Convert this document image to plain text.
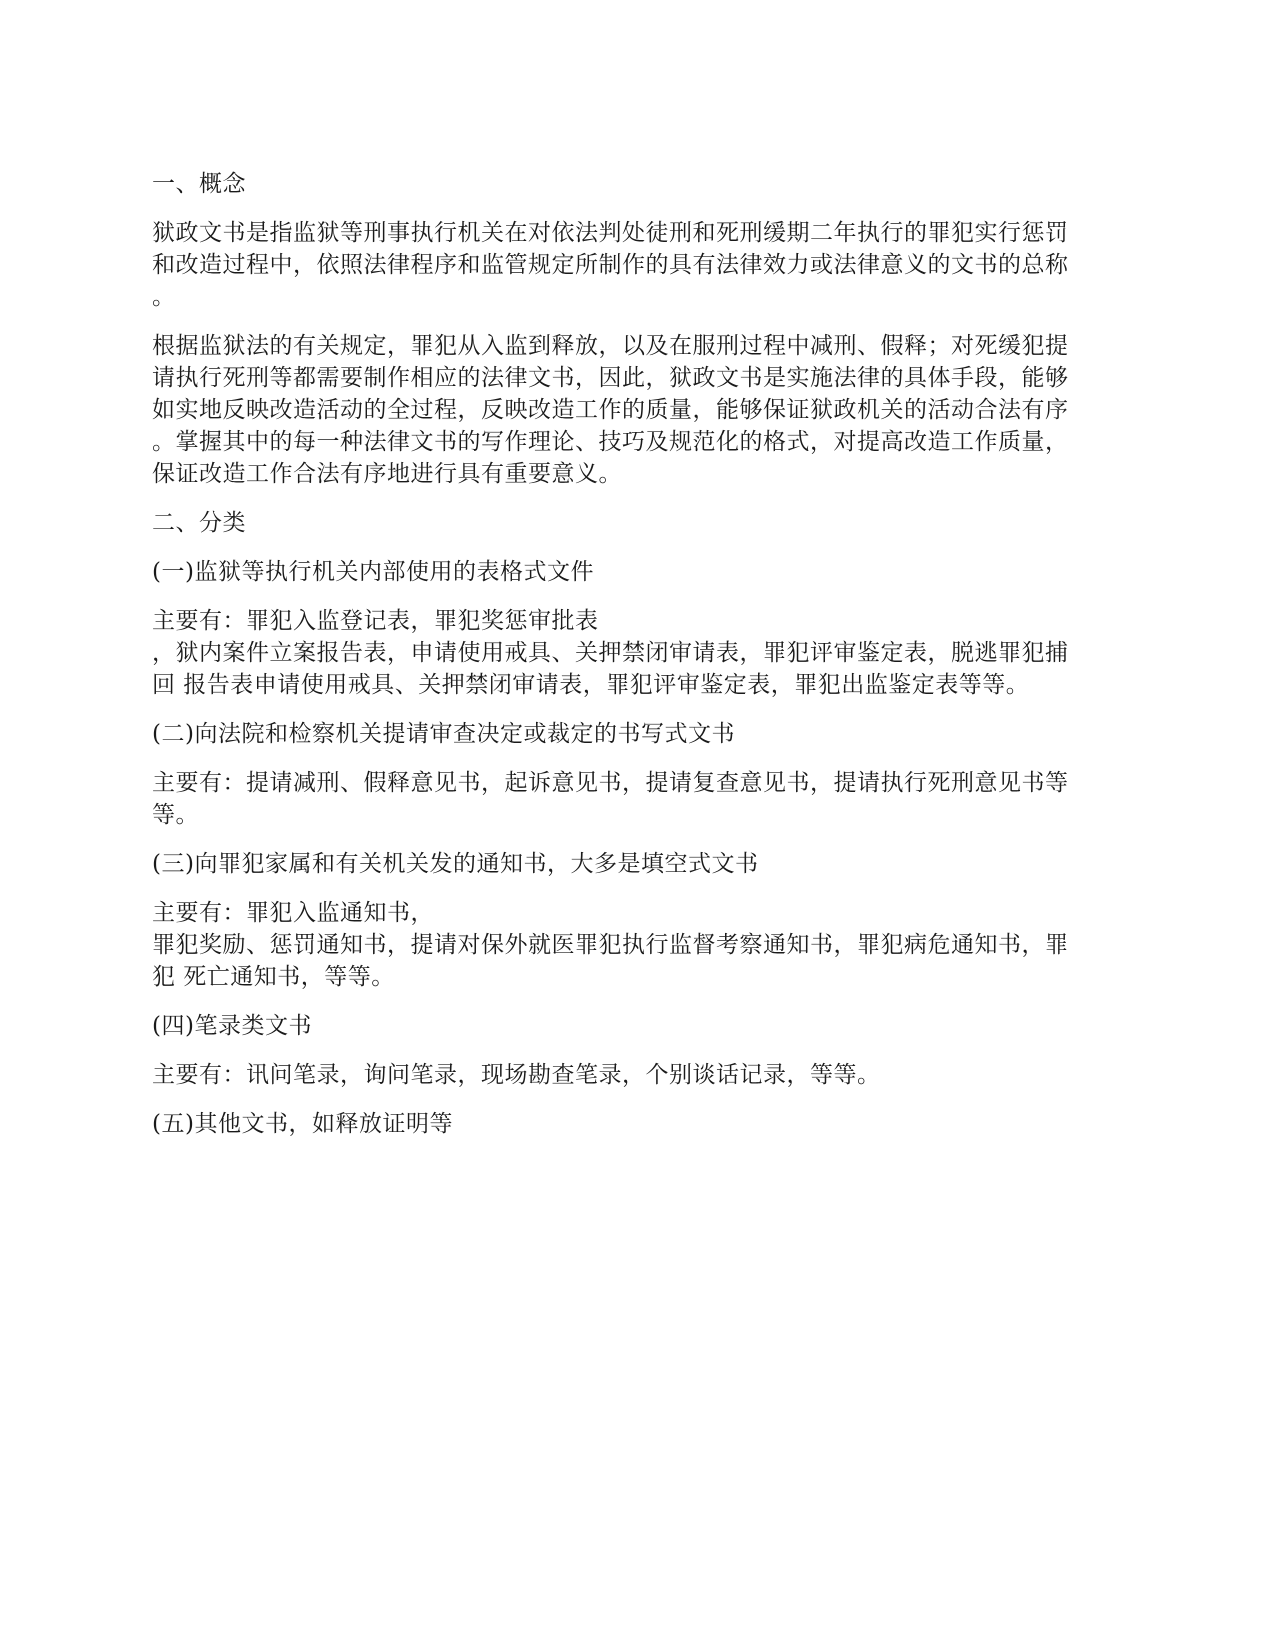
一、概念
狱政文书是指监狱等刑事执行机关在对依法判处徒刑和死刑缓期二年执行的罪犯实行惩罚
和改造过程中，依照法律程序和监管规定所制作的具有法律效力或法律意义的文书的总称
。
根据监狱法的有关规定，罪犯从入监到释放，以及在服刑过程中减刑、假释；对死缓犯提
请执行死刑等都需要制作相应的法律文书，因此，狱政文书是实施法律的具体手段，能够
如实地反映改造活动的全过程，反映改造工作的质量，能够保证狱政机关的活动合法有序
。掌握其中的每一种法律文书的写作理论、技巧及规范化的格式，对提高改造工作质量，
保证改造工作合法有序地进行具有重要意义。
二、分类
(一)监狱等执行机关内部使用的表格式文件
主要有：罪犯入监登记表，罪犯奖惩审批表
，狱内案件立案报告表，申请使用戒具、关押禁闭审请表，罪犯评审鉴定表，脱逃罪犯捕
回 报告表申请使用戒具、关押禁闭审请表，罪犯评审鉴定表，罪犯出监鉴定表等等。
(二)向法院和检察机关提请审查决定或裁定的书写式文书
主要有：提请减刑、假释意见书，起诉意见书，提请复查意见书，提请执行死刑意见书等
等。
(三)向罪犯家属和有关机关发的通知书，大多是填空式文书
主要有：罪犯入监通知书，
罪犯奖励、惩罚通知书，提请对保外就医罪犯执行监督考察通知书，罪犯病危通知书，罪
犯 死亡通知书，等等。
(四)笔录类文书
主要有：讯问笔录，询问笔录，现场勘查笔录，个别谈话记录，等等。
(五)其他文书，如释放证明等
